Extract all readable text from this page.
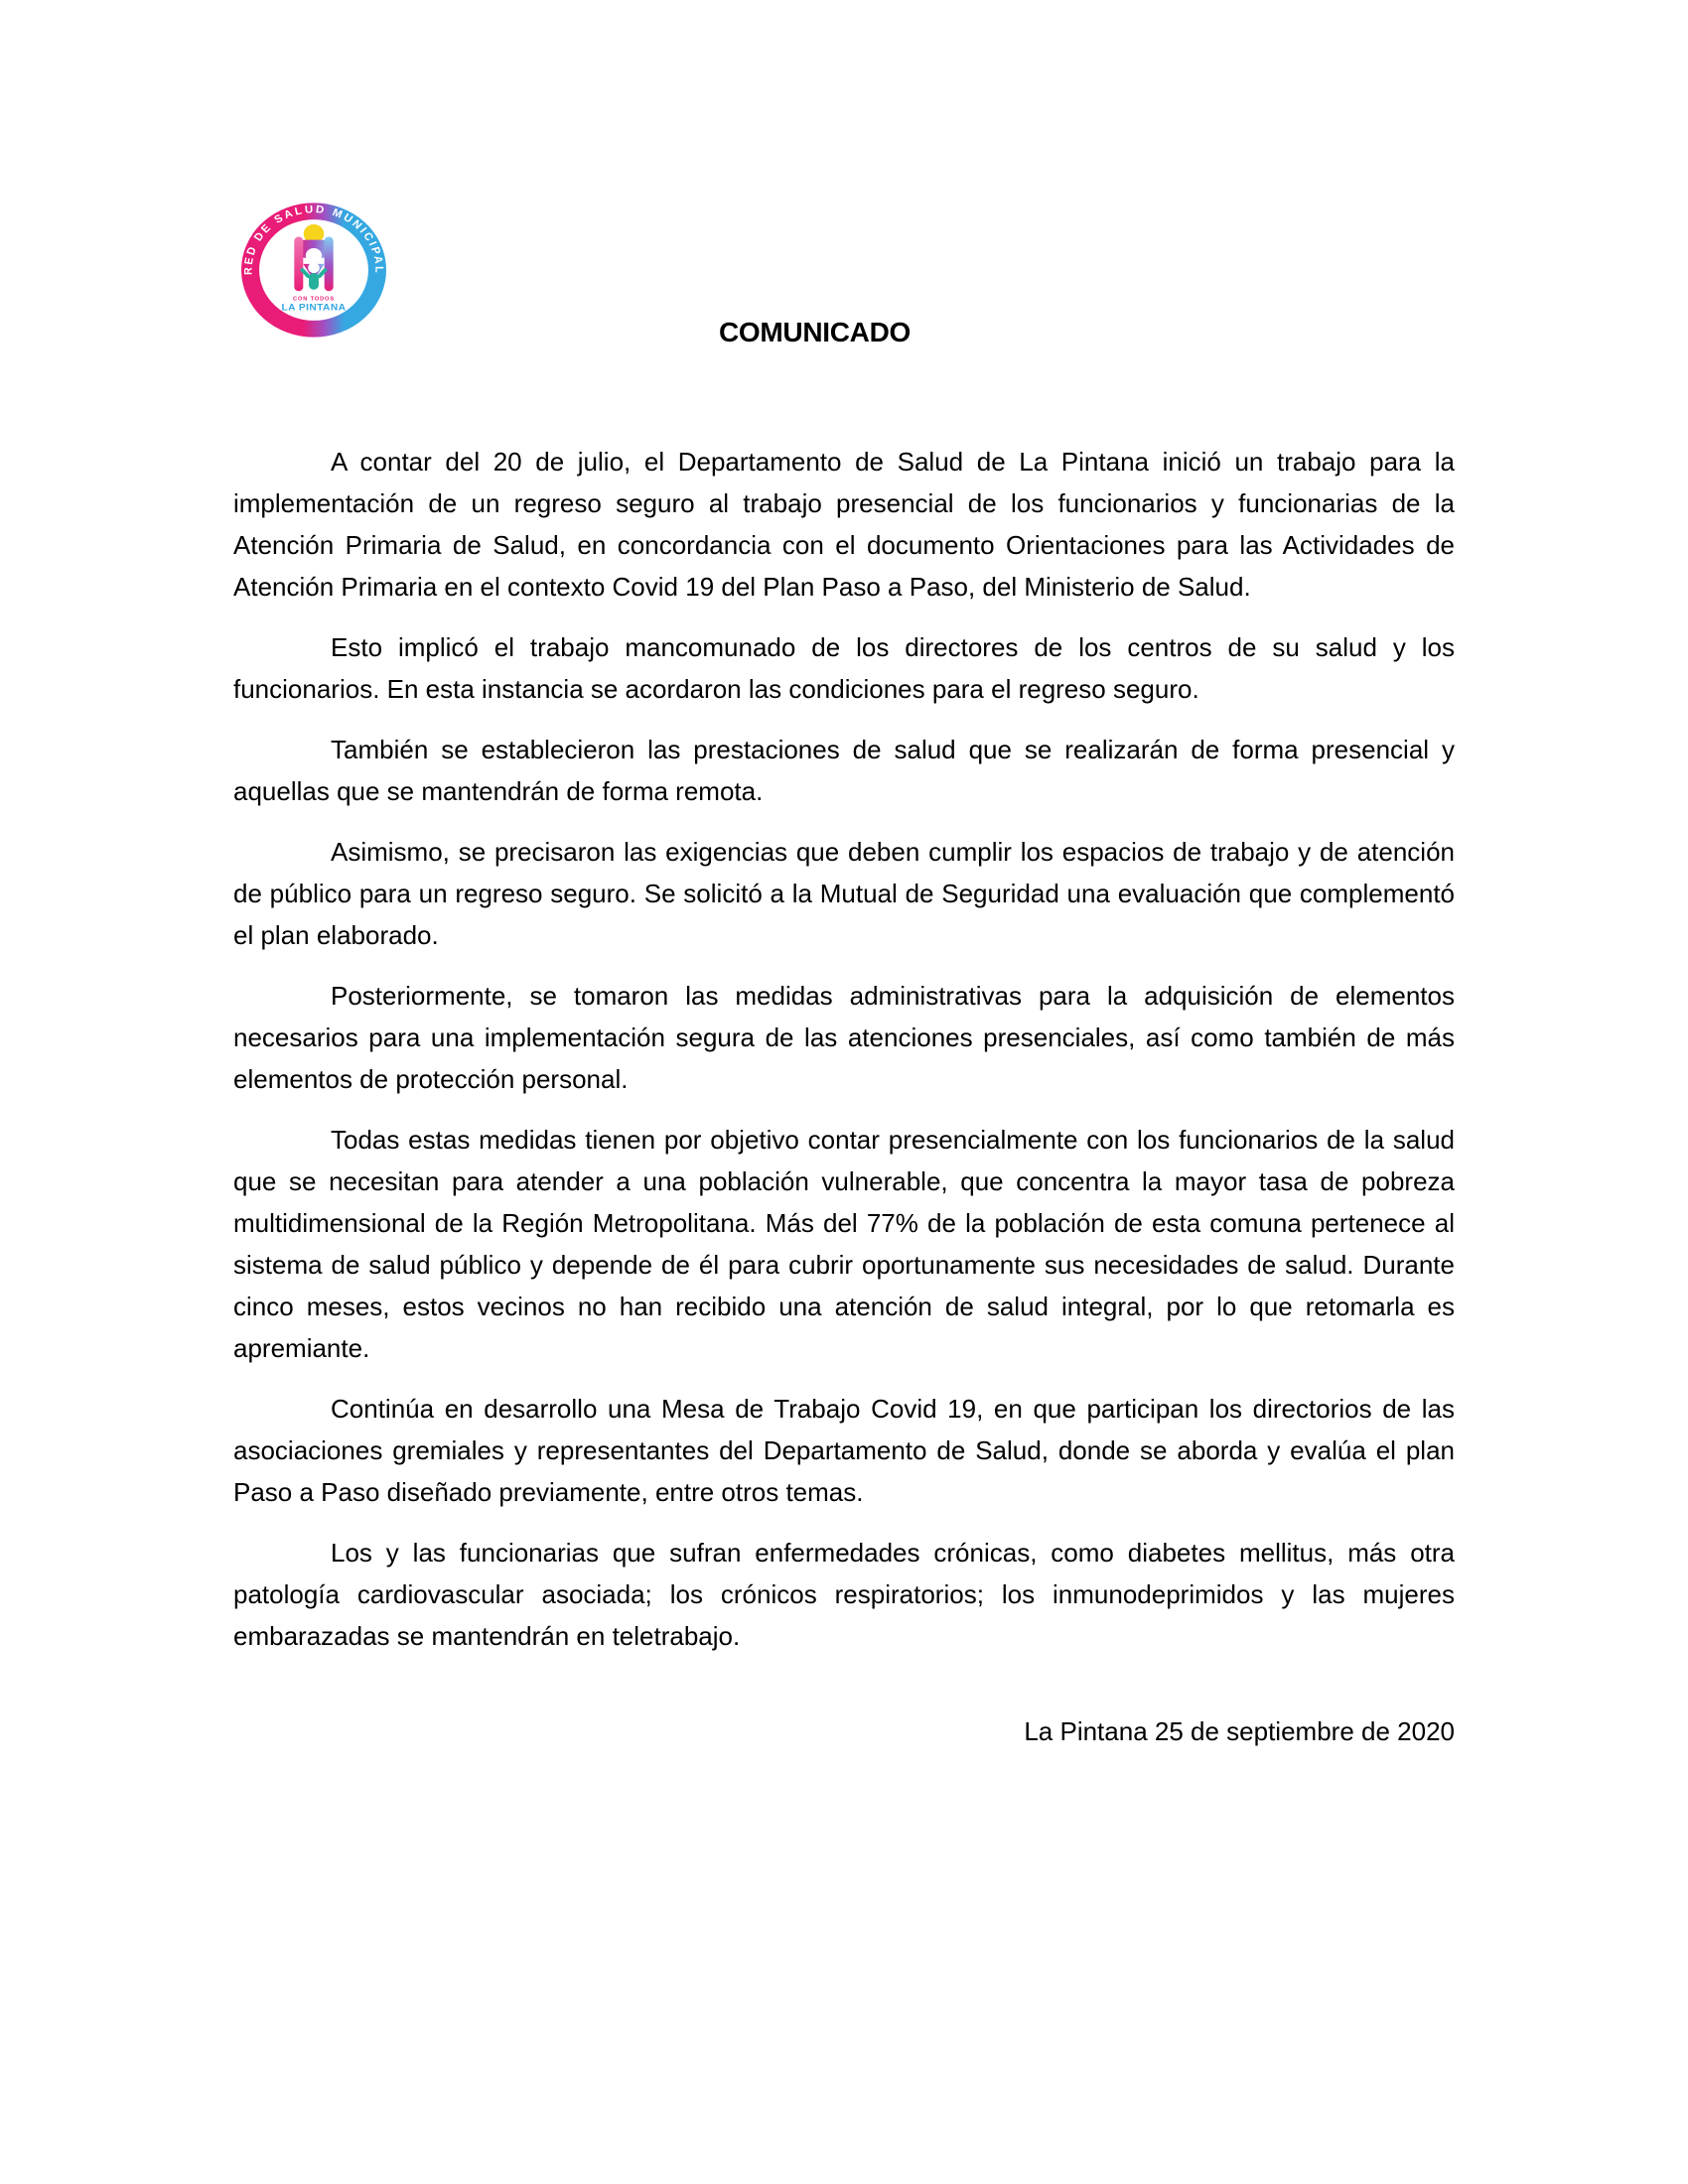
RED DE SALUD MUNICIPAL
CON TODOS
LA PINTANA
COMUNICADO

A contar del 20 de julio, el Departamento de Salud de La Pintana inició un trabajo para la implementación de un regreso seguro al trabajo presencial de los funcionarios y funcionarias de la Atención Primaria de Salud, en concordancia con el documento Orientaciones para las Actividades de Atención Primaria en el contexto Covid 19 del Plan Paso a Paso, del Ministerio de Salud.

Esto implicó el trabajo mancomunado de los directores de los centros de su salud y los funcionarios. En esta instancia se acordaron las condiciones para el regreso seguro.

También se establecieron las prestaciones de salud que se realizarán de forma presencial y aquellas que se mantendrán de forma remota.

Asimismo, se precisaron las exigencias que deben cumplir los espacios de trabajo y de atención de público para un regreso seguro. Se solicitó a la Mutual de Seguridad una evaluación que complementó el plan elaborado.

Posteriormente, se tomaron las medidas administrativas para la adquisición de elementos necesarios para una implementación segura de las atenciones presenciales, así como también de más elementos de protección personal.

Todas estas medidas tienen por objetivo contar presencialmente con los funcionarios de la salud que se necesitan para atender a una población vulnerable, que concentra la mayor tasa de pobreza multidimensional de la Región Metropolitana. Más del 77% de la población de esta comuna pertenece al sistema de salud público y depende de él para cubrir oportunamente sus necesidades de salud. Durante cinco meses, estos vecinos no han recibido una atención de salud integral, por lo que retomarla es apremiante.

Continúa en desarrollo una Mesa de Trabajo Covid 19, en que participan los directorios de las asociaciones gremiales y representantes del Departamento de Salud, donde se aborda y evalúa el plan Paso a Paso diseñado previamente, entre otros temas.

Los y las funcionarias que sufran enfermedades crónicas, como diabetes mellitus, más otra patología cardiovascular asociada; los crónicos respiratorios; los inmunodeprimidos y las mujeres embarazadas se mantendrán en teletrabajo.

La Pintana 25 de septiembre de 2020
